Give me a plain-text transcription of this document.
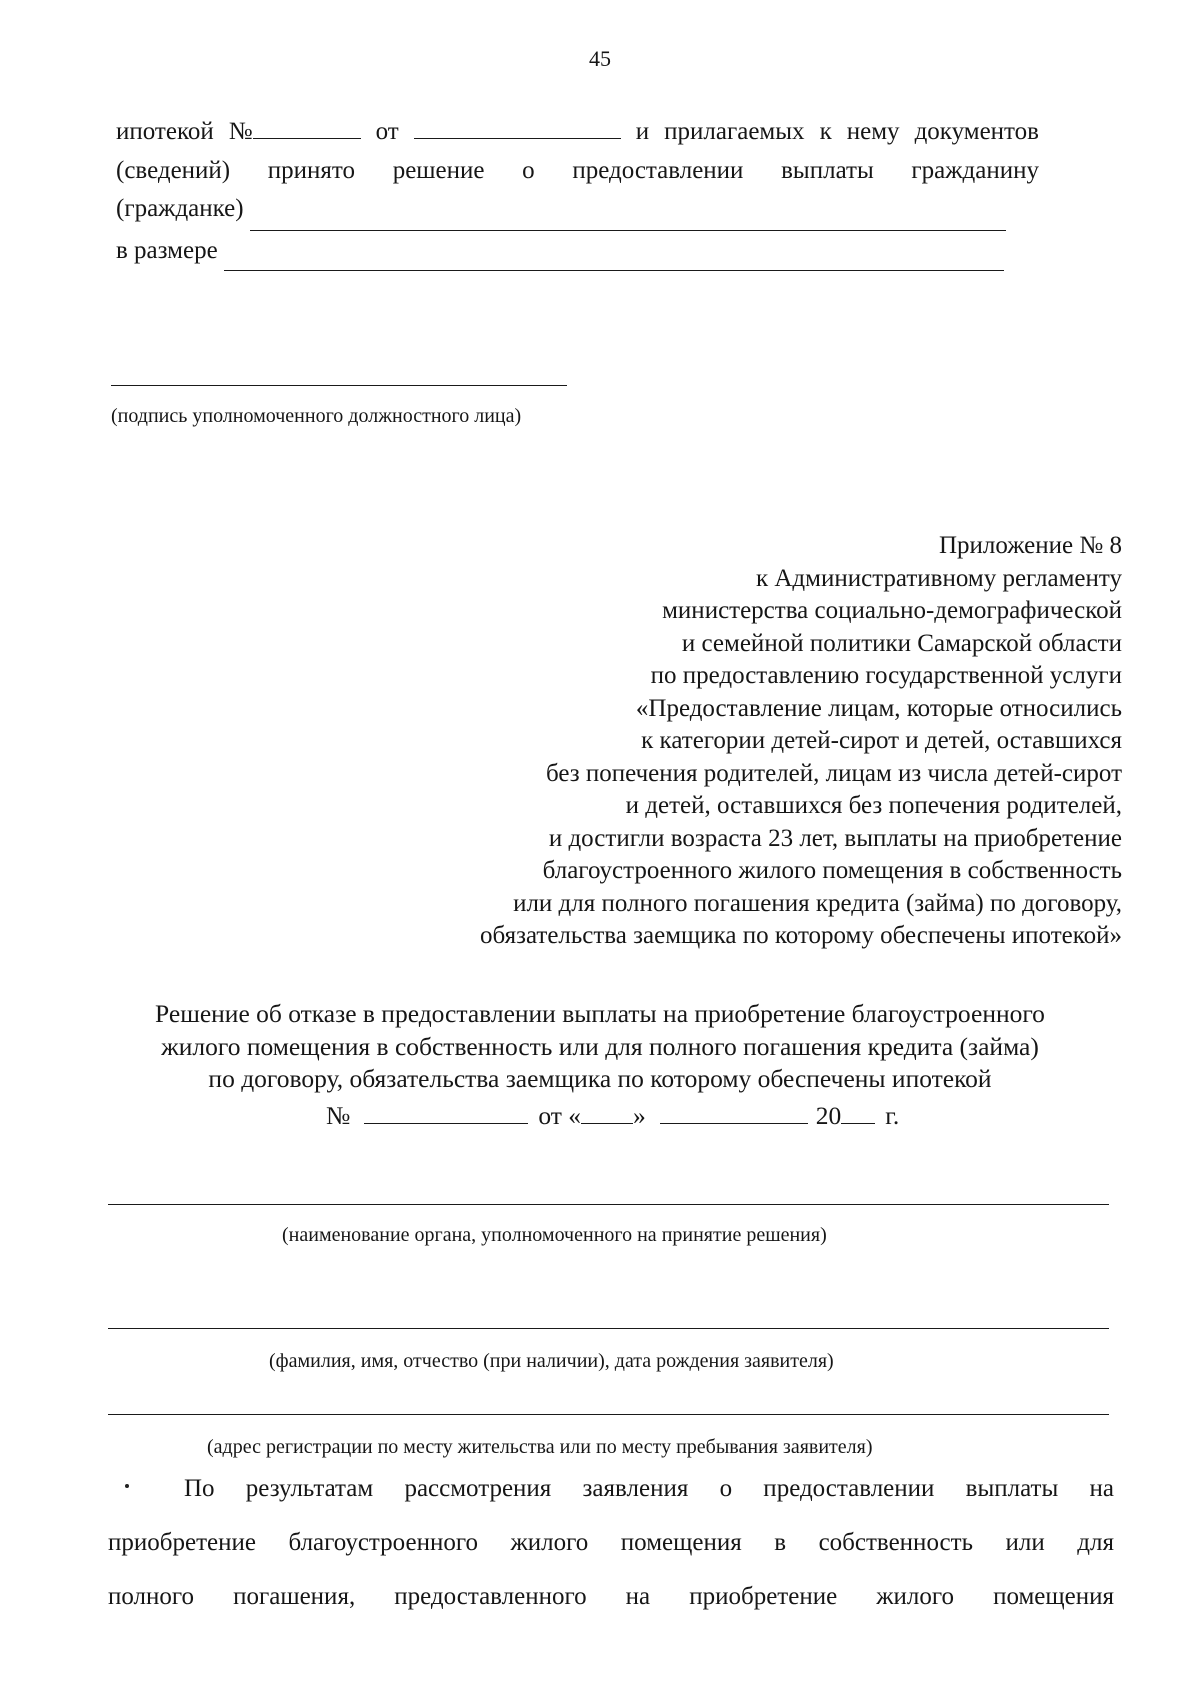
45
ипотекой №	от	и прилагаемых к нему документов
(сведений) принято решение о предоставлении выплаты гражданину
(гражданке)
в размере
(подпись уполномоченного должностного лица)
Приложение № 8
к Административному регламенту
министерства социально-демографической
и семейной политики Самарской области
по предоставлению государственной услуги
«Предоставление лицам, которые относились
к категории детей-сирот и детей, оставшихся
без попечения родителей, лицам из числа детей-сирот
и детей, оставшихся без попечения родителей,
и достигли возраста 23 лет, выплаты на приобретение
благоустроенного жилого помещения в собственность
или для полного погашения кредита (займа) по договору,
обязательства заемщика по которому обеспечены ипотекой»
Решение об отказе в предоставлении выплаты на приобретение благоустроенного
жилого помещения в собственность или для полного погашения кредита (займа)
по договору, обязательства заемщика по которому обеспечены ипотекой
№	от « »	20 г.
(наименование органа, уполномоченного на принятие решения)
(фамилия, имя, отчество (при наличии), дата рождения заявителя)
(адрес регистрации по месту жительства или по месту пребывания заявителя)
По результатам рассмотрения заявления о предоставлении выплаты на
приобретение благоустроенного жилого помещения в собственность или для
полного погашения, предоставленного на приобретение жилого помещения
